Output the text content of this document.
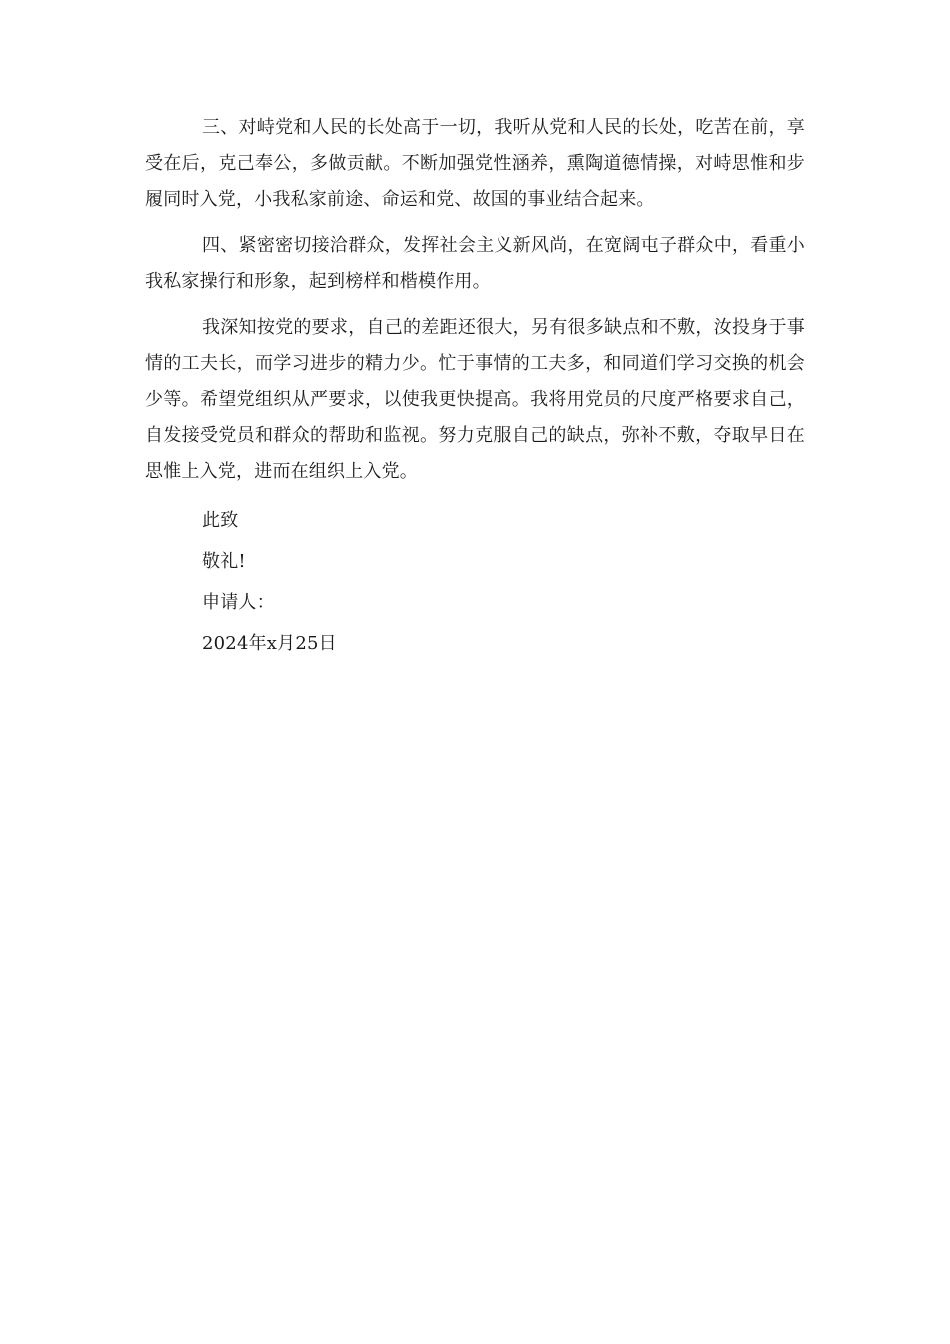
三、对峙党和人民的长处高于一切，我听从党和人民的长处，吃苦在前，享受在后，克己奉公，多做贡献。不断加强党性涵养，熏陶道德情操，对峙思惟和步履同时入党，小我私家前途、命运和党、故国的事业结合起来。

四、紧密密切接洽群众，发挥社会主义新风尚，在宽阔屯子群众中，看重小我私家操行和形象，起到榜样和楷模作用。

我深知按党的要求，自己的差距还很大，另有很多缺点和不敷，汝投身于事情的工夫长，而学习进步的精力少。忙于事情的工夫多，和同道们学习交换的机会少等。希望党组织从严要求，以使我更快提高。我将用党员的尺度严格要求自己，自发接受党员和群众的帮助和监视。努力克服自己的缺点，弥补不敷，夺取早日在思惟上入党，进而在组织上入党。

此致
敬礼!
申请人：
2024年x月25日
